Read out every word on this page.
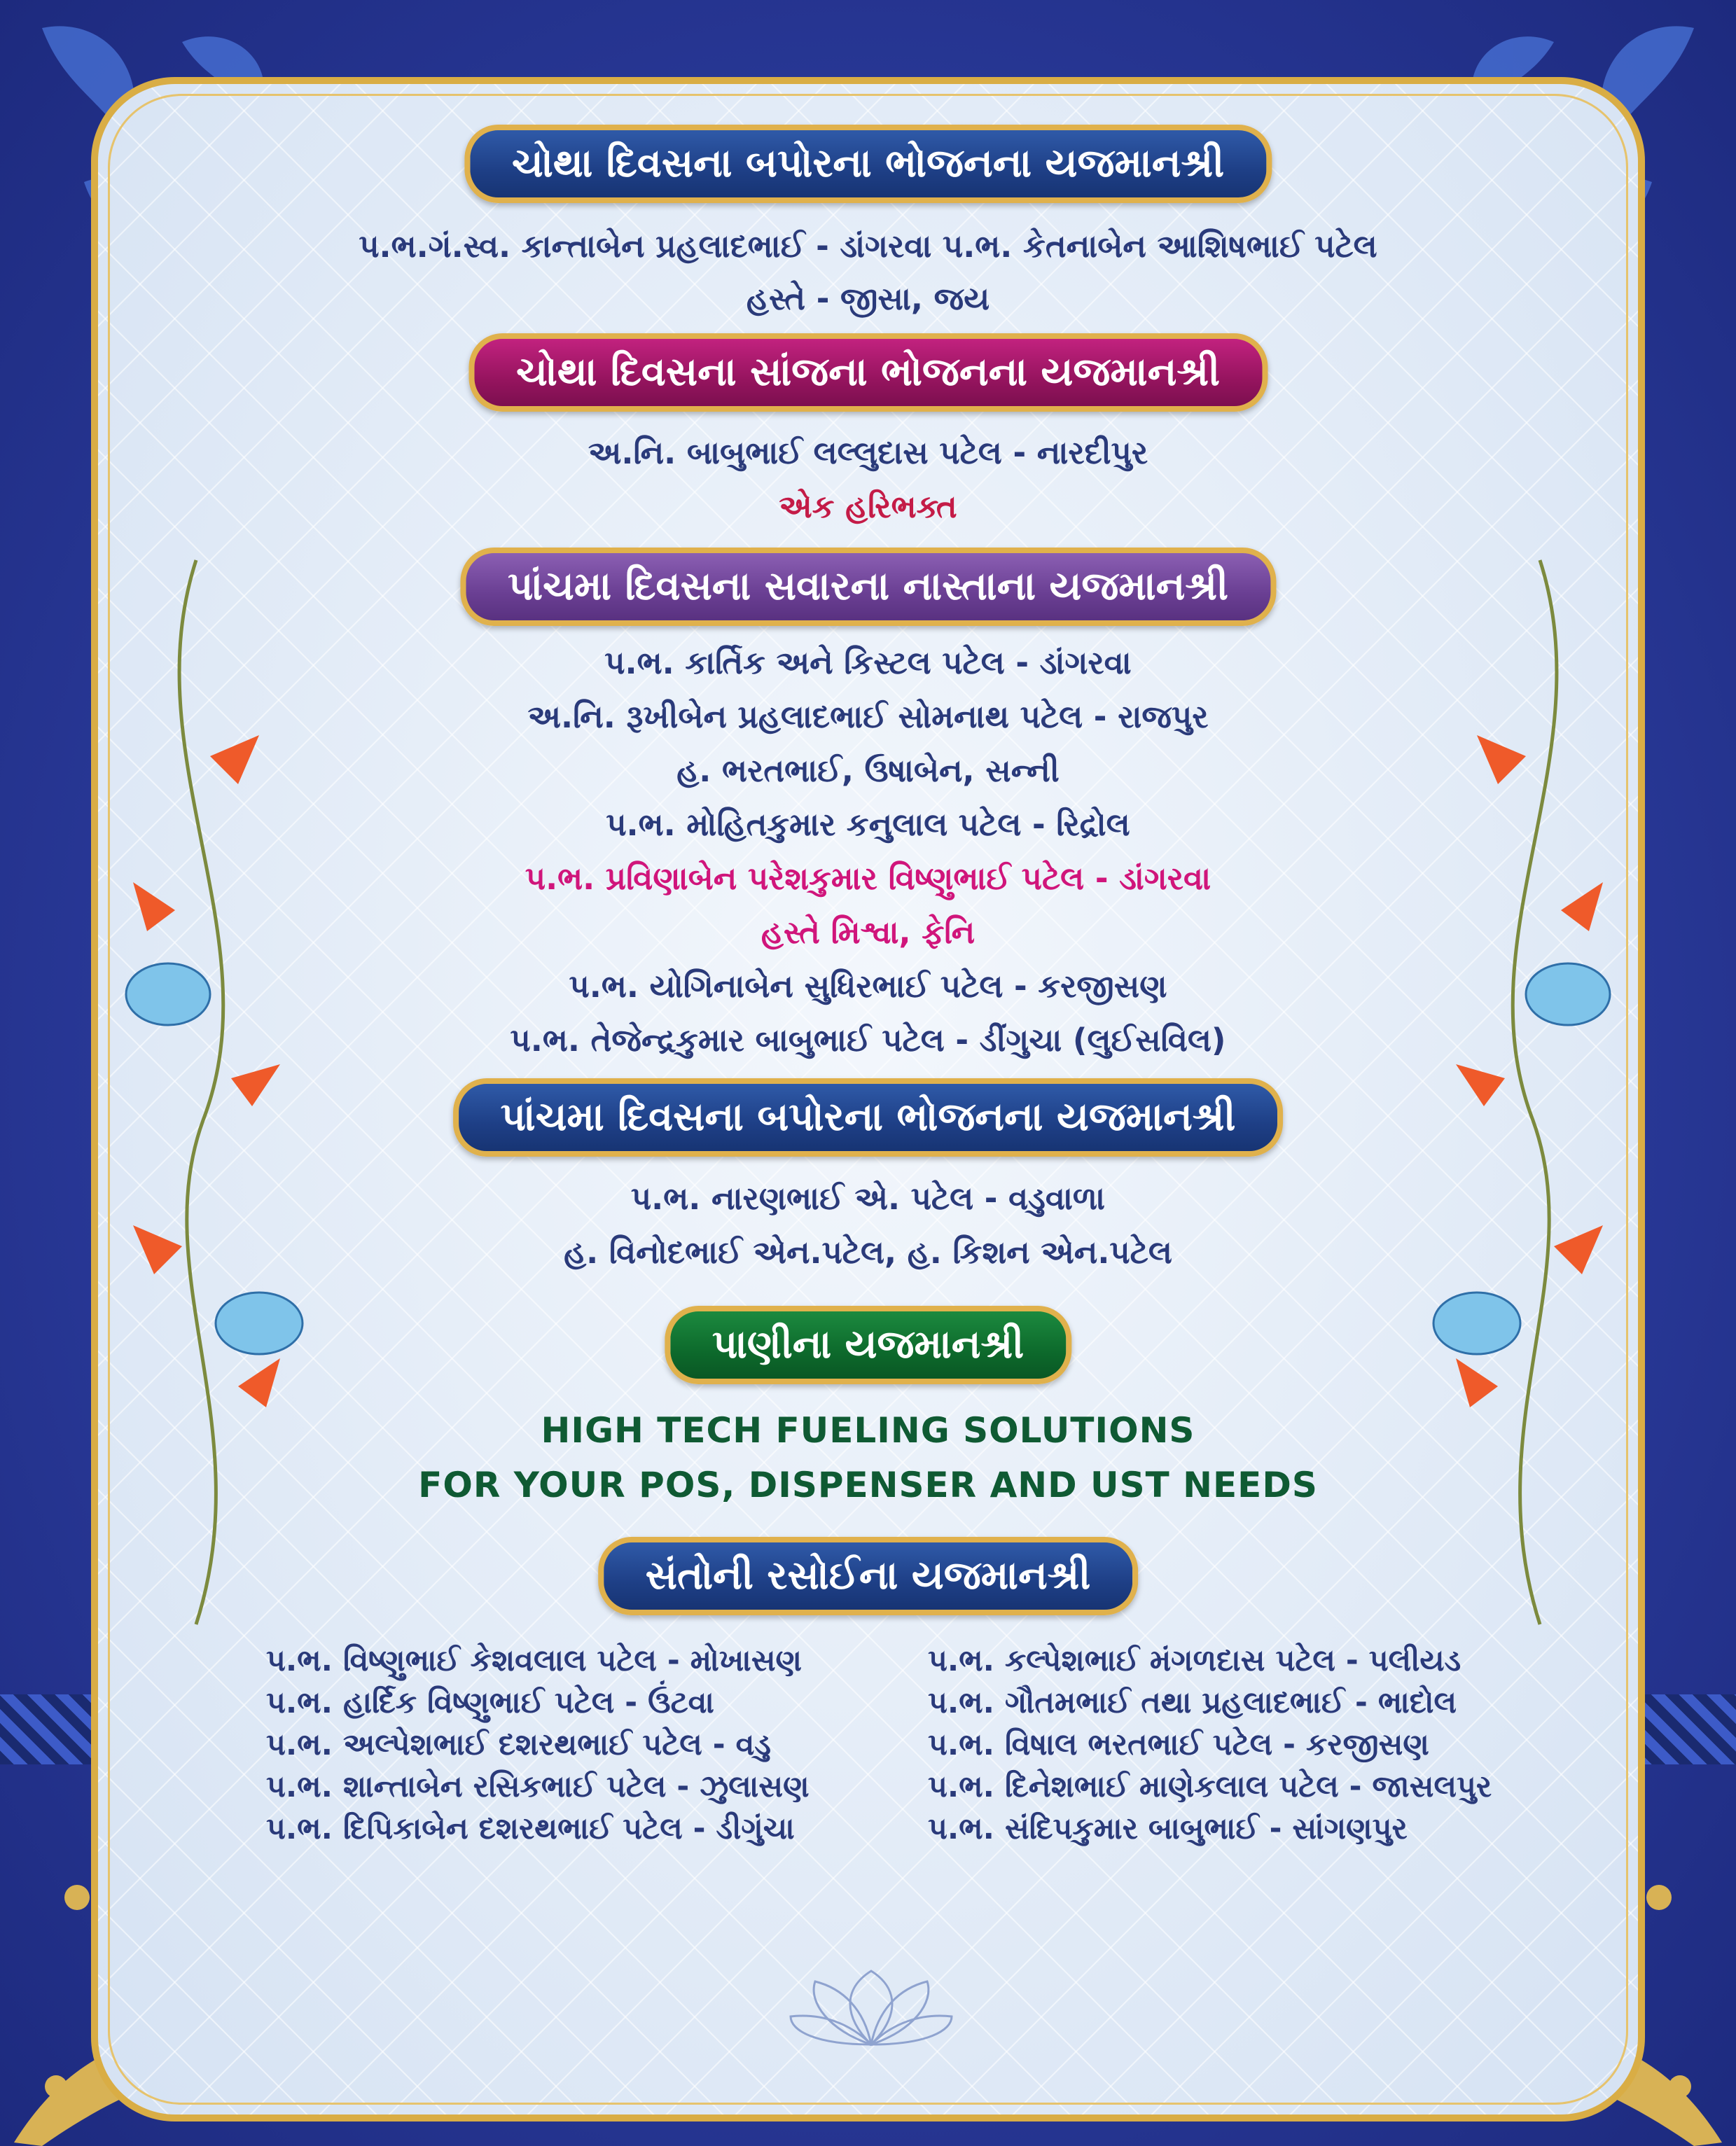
ચોથા દિવસના બપોરના ભોજનના યજમાનશ્રી
પ.ભ.ગં.સ્વ. કાન્તાબેન પ્રહલાદભાઈ - ડાંગરવા પ.ભ. કેતનાબેન આશિષભાઈ પટેલ
હસ્તે - જીસા, જય
ચોથા દિવસના સાંજના ભોજનના યજમાનશ્રી
અ.નિ. બાબુભાઈ લલ્લુદાસ પટેલ - નારદીપુર
એક હરિભક્ત
પાંચમા દિવસના સવારના નાસ્તાના યજમાનશ્રી
પ.ભ. કાર્તિક અને કિસ્ટલ પટેલ - ડાંગરવા
અ.નિ. રૂખીબેન પ્રહલાદભાઈ સોમનાથ પટેલ - રાજપુર
હ. ભરતભાઈ, ઉષાબેન, સન્ની
પ.ભ. મોહિતકુમાર કનુલાલ પટેલ - રિદ્રોલ
પ.ભ. પ્રવિણાબેન પરેશકુમાર વિષ્ણુભાઈ પટેલ - ડાંગરવા
હસ્તે મિશ્વા, ફેનિ
પ.ભ. યોગિનાબેન સુધિરભાઈ પટેલ - કરજીસણ
પ.ભ. તેજેન્દ્રકુમાર બાબુભાઈ પટેલ - ડીંગુચા (લુઈસવિલ)
પાંચમા દિવસના બપોરના ભોજનના યજમાનશ્રી
પ.ભ. નારણભાઈ એ. પટેલ - વડુવાળા
હ. વિનોદભાઈ એન.પટેલ, હ. કિશન એન.પટેલ
પાણીના યજમાનશ્રી
HIGH TECH FUELING SOLUTIONS
FOR YOUR POS, DISPENSER AND UST NEEDS
સંતોની રસોઈના યજમાનશ્રી
પ.ભ. વિષ્ણુભાઈ કેશવલાલ પટેલ - મોખાસણ
પ.ભ. હાર્દિક વિષ્ણુભાઈ પટેલ - ઉંટવા
પ.ભ. અલ્પેશભાઈ દશરથભાઈ પટેલ - વડુ
પ.ભ. શાન્તાબેન રસિકભાઈ પટેલ - ઝુલાસણ
પ.ભ. દિપિકાબેન દશરથભાઈ પટેલ - ડીગુંચા
પ.ભ. કલ્પેશભાઈ મંગળદાસ પટેલ - પલીયડ
પ.ભ. ગૌતમભાઈ તથા પ્રહલાદભાઈ - ભાદોલ
પ.ભ. વિષાલ ભરતભાઈ પટેલ - કરજીસણ
પ.ભ. દિનેશભાઈ માણેકલાલ પટેલ - જાસલપુર
પ.ભ. સંદિપકુમાર બાબુભાઈ - સાંગણપુર
